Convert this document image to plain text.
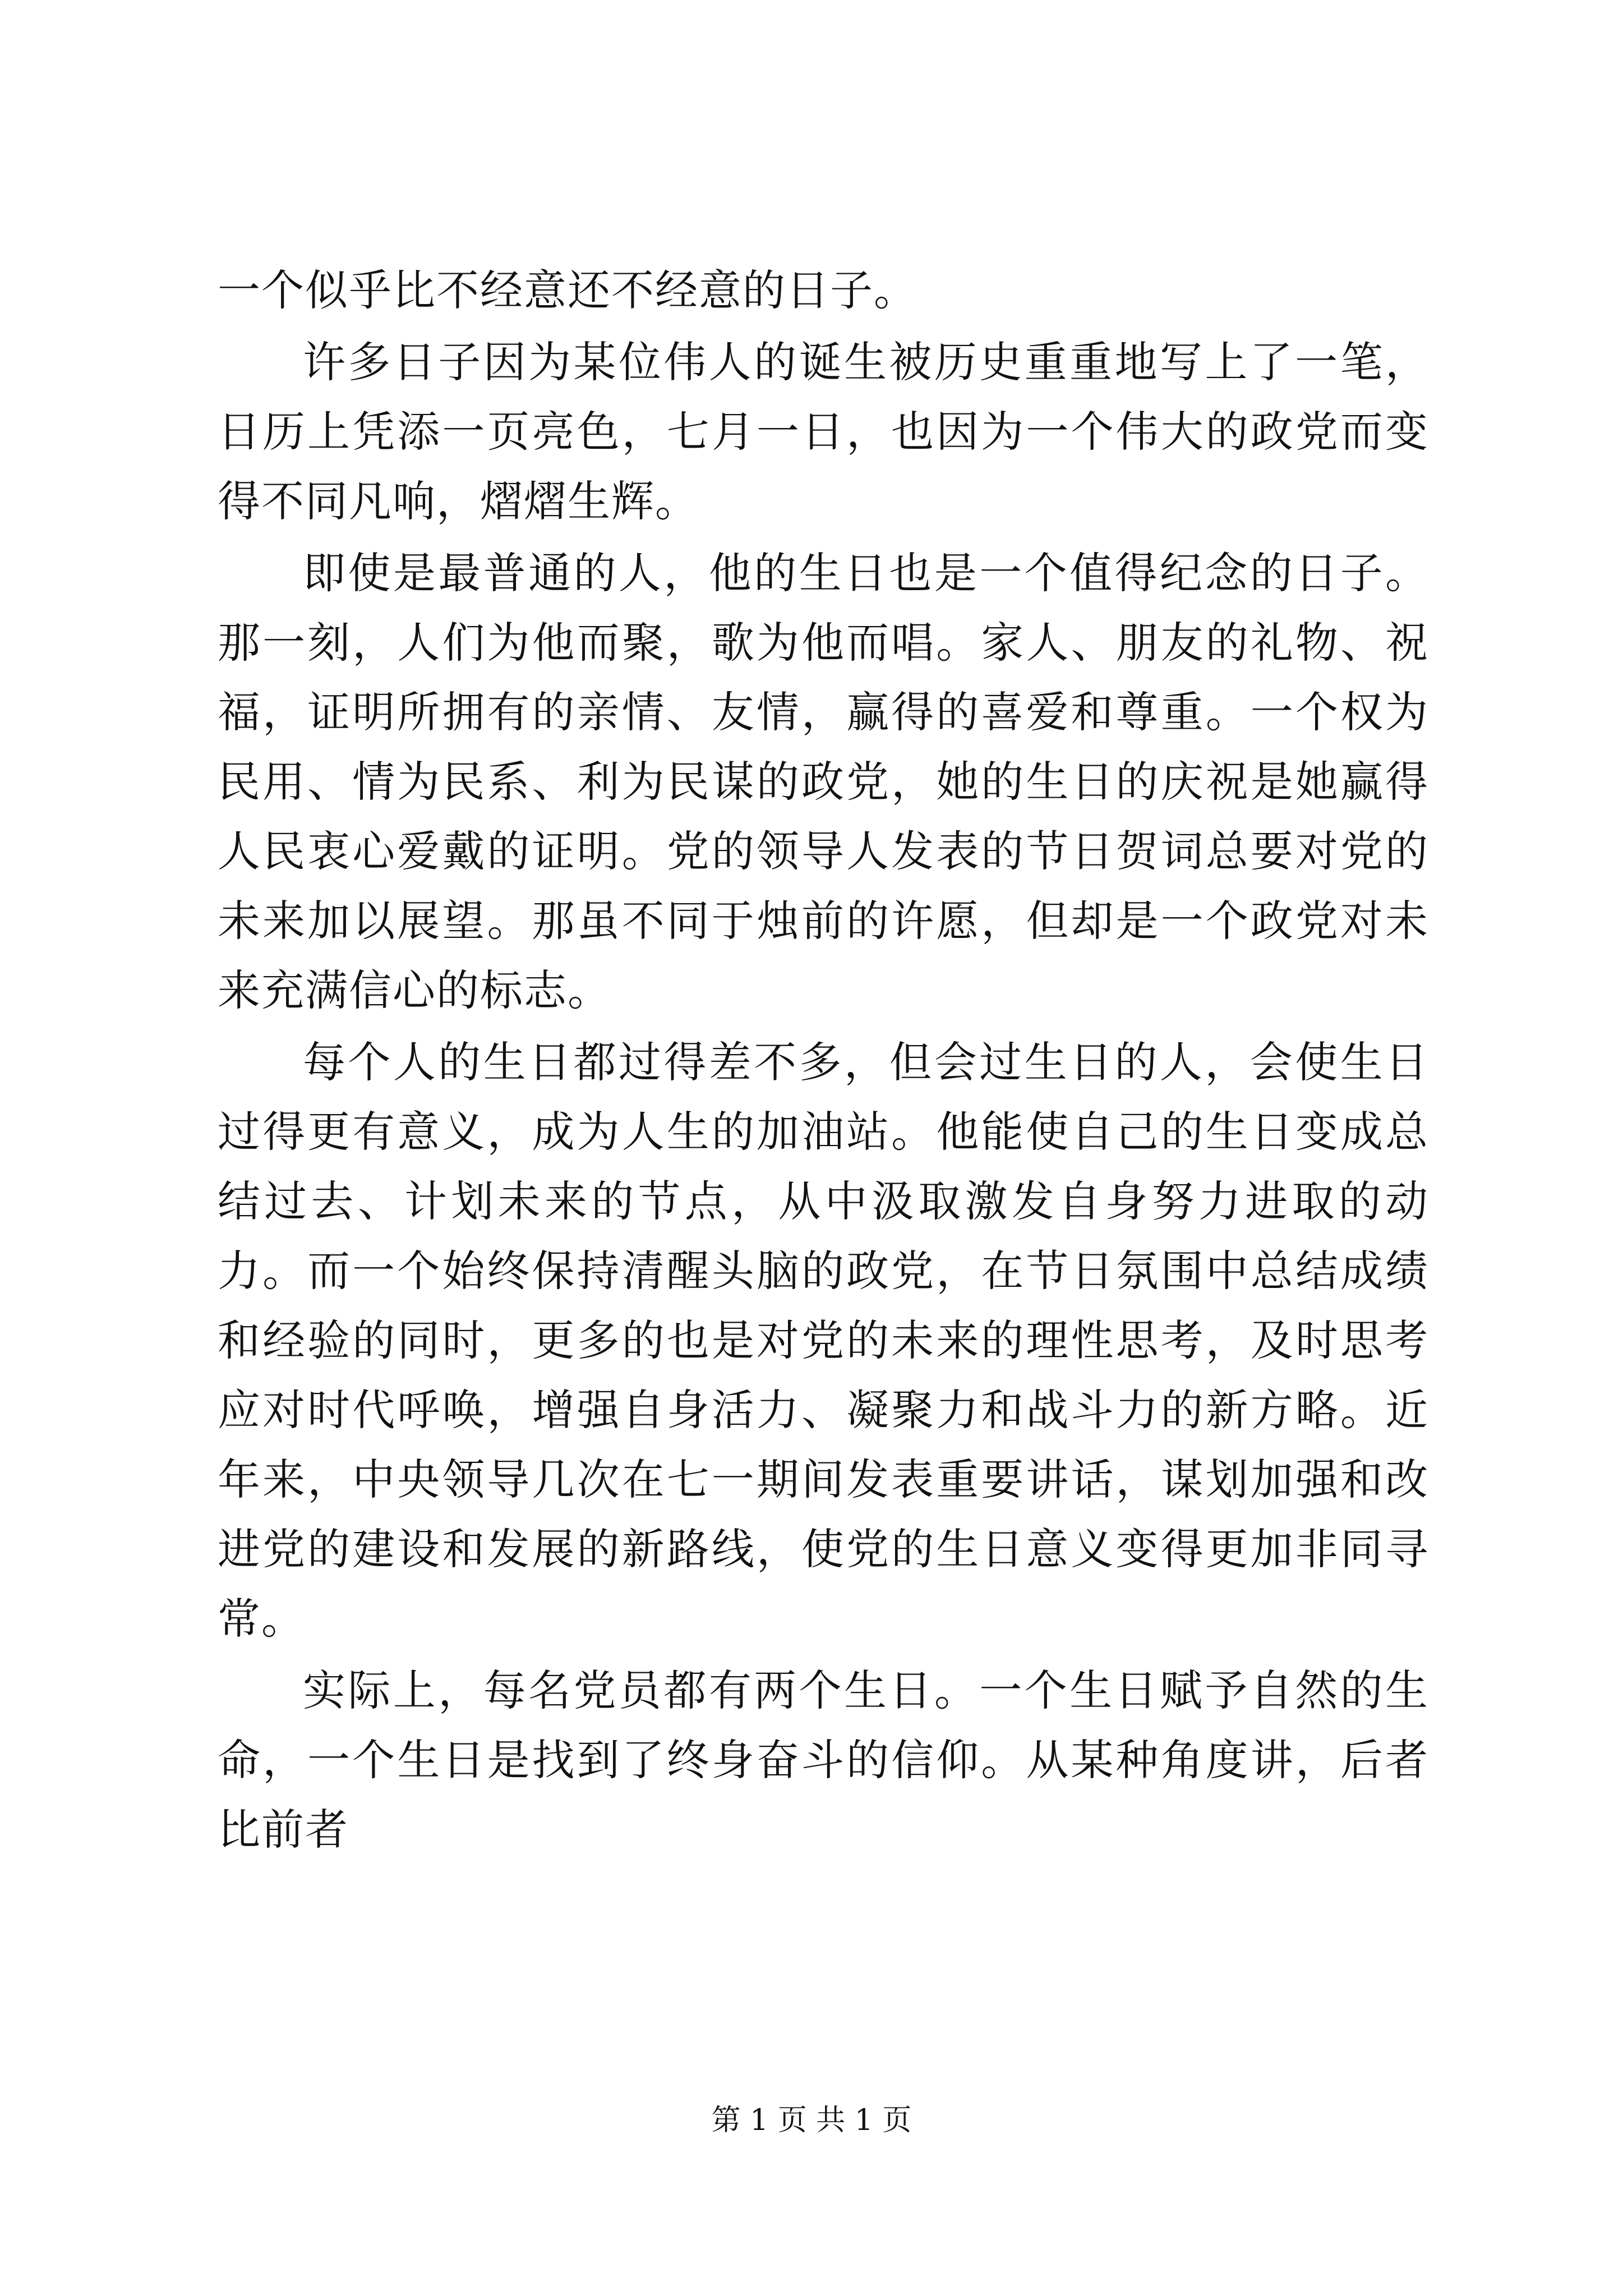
一个似乎比不经意还不经意的日子。

许多日子因为某位伟人的诞生被历史重重地写上了一笔，日历上凭添一页亮色，七月一日，也因为一个伟大的政党而变得不同凡响，熠熠生辉。

即使是最普通的人，他的生日也是一个值得纪念的日子。那一刻，人们为他而聚，歌为他而唱。家人、朋友的礼物、祝福，证明所拥有的亲情、友情，赢得的喜爱和尊重。一个权为民用、情为民系、利为民谋的政党，她的生日的庆祝是她赢得人民衷心爱戴的证明。党的领导人发表的节日贺词总要对党的未来加以展望。那虽不同于烛前的许愿，但却是一个政党对未来充满信心的标志。

每个人的生日都过得差不多，但会过生日的人，会使生日过得更有意义，成为人生的加油站。他能使自己的生日变成总结过去、计划未来的节点，从中汲取激发自身努力进取的动力。而一个始终保持清醒头脑的政党，在节日氛围中总结成绩和经验的同时，更多的也是对党的未来的理性思考，及时思考应对时代呼唤，增强自身活力、凝聚力和战斗力的新方略。近年来，中央领导几次在七一期间发表重要讲话，谋划加强和改进党的建设和发展的新路线，使党的生日意义变得更加非同寻常。

实际上，每名党员都有两个生日。一个生日赋予自然的生命，一个生日是找到了终身奋斗的信仰。从某种角度讲，后者比前者

第 1 页 共 1 页
